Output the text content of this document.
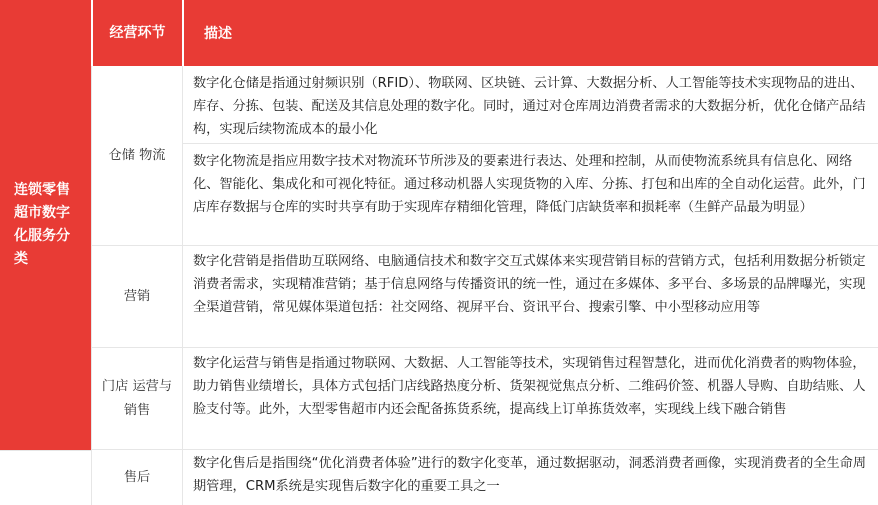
连锁零售超市数字化服务分类
经营环节	描述
仓储 物流
数字化仓储是指通过射频识别（RFID）、物联网、区块链、云计算、大数据分析、人工智能等技术实现物品的进出、库存、分拣、包装、配送及其信息处理的数字化。同时，通过对仓库周边消费者需求的大数据分析，优化仓储产品结构，实现后续物流成本的最小化
数字化物流是指应用数字技术对物流环节所涉及的要素进行表达、处理和控制，从而使物流系统具有信息化、网络化、智能化、集成化和可视化特征。通过移动机器人实现货物的入库、分拣、打包和出库的全自动化运营。此外，门店库存数据与仓库的实时共享有助于实现库存精细化管理，降低门店缺货率和损耗率（生鲜产品最为明显）
营销
数字化营销是指借助互联网络、电脑通信技术和数字交互式媒体来实现营销目标的营销方式，包括利用数据分析锁定消费者需求，实现精准营销；基于信息网络与传播资讯的统一性，通过在多媒体、多平台、多场景的品牌曝光，实现全渠道营销，常见媒体渠道包括：社交网络、视屏平台、资讯平台、搜索引擎、中小型移动应用等
门店 运营与销售
数字化运营与销售是指通过物联网、大数据、人工智能等技术，实现销售过程智慧化，进而优化消费者的购物体验，助力销售业绩增长，具体方式包括门店线路热度分析、货架视觉焦点分析、二维码价签、机器人导购、自助结账、人脸支付等。此外，大型零售超市内还会配备拣货系统，提高线上订单拣货效率，实现线上线下融合销售
售后
数字化售后是指围绕“优化消费者体验”进行的数字化变革，通过数据驱动，洞悉消费者画像，实现消费者的全生命周期管理，CRM系统是实现售后数字化的重要工具之一
